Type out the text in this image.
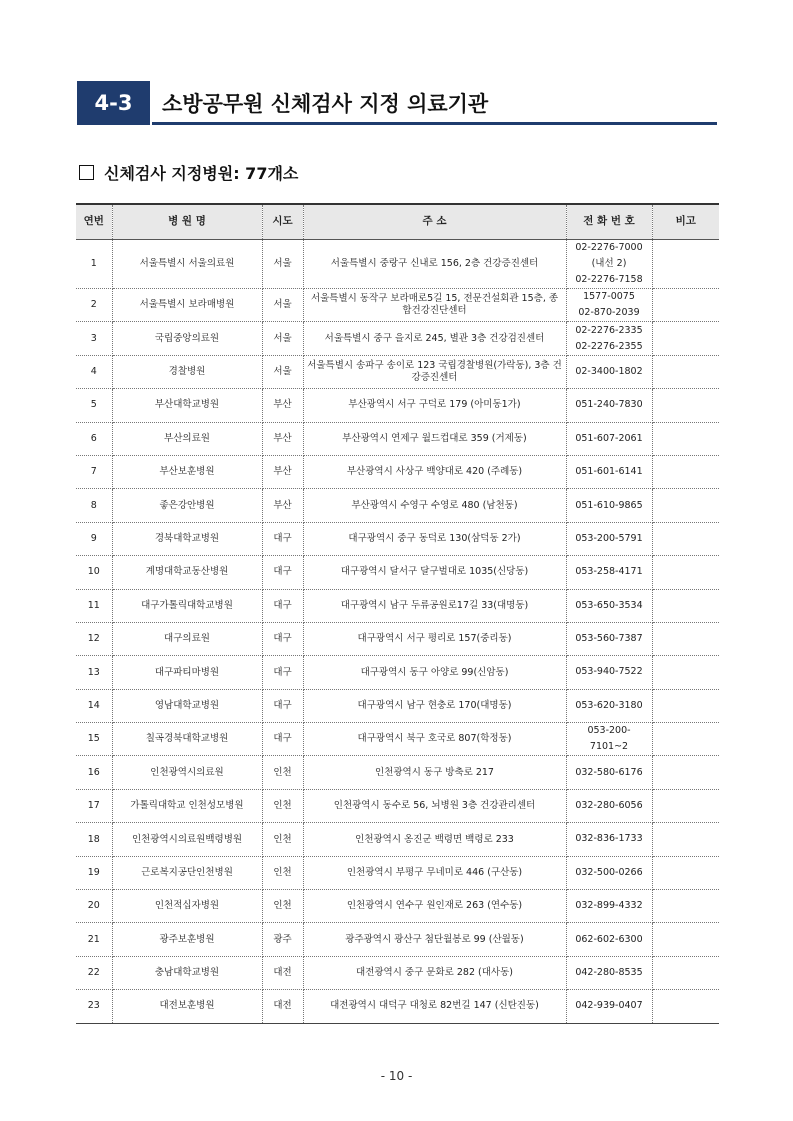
4-3	소방공무원 신체검사 지정 의료기관
신체검사 지정병원: 77개소
연번	병 원 명	시도	주 소	전 화 번 호	비고
1	서울특별시 서울의료원	서울	서울특별시 중랑구 신내로 156, 2층 건강증진센터	02-2276-7000
(내선 2)
02-2276-7158	

2	서울특별시 보라매병원	서울	서울특별시 동작구 보라매로5길 15, 전문건설회관 15층, 종합건강진단센터	1577-0075
02-870-2039	

3	국립중앙의료원	서울	서울특별시 중구 을지로 245, 별관 3층 건강검진센터	02-2276-2335
02-2276-2355	

4	경찰병원	서울	서울특별시 송파구 송이로 123 국립경찰병원(가락동), 3층 건강증진센터	02-3400-1802	

5	부산대학교병원	부산	부산광역시 서구 구덕로 179 (아미동1가)	051-240-7830	

6	부산의료원	부산	부산광역시 연제구 월드컵대로 359 (거제동)	051-607-2061	

7	부산보훈병원	부산	부산광역시 사상구 백양대로 420 (주례동)	051-601-6141	

8	좋은강안병원	부산	부산광역시 수영구 수영로 480 (남천동)	051-610-9865	

9	경북대학교병원	대구	대구광역시 중구 동덕로 130(삼덕동 2가)	053-200-5791	

10	계명대학교동산병원	대구	대구광역시 달서구 달구벌대로 1035(신당동)	053-258-4171	

11	대구가톨릭대학교병원	대구	대구광역시 남구 두류공원로17길 33(대명동)	053-650-3534	

12	대구의료원	대구	대구광역시 서구 평리로 157(중리동)	053-560-7387	

13	대구파티마병원	대구	대구광역시 동구 아양로 99(신암동)	053-940-7522	

14	영남대학교병원	대구	대구광역시 남구 현충로 170(대명동)	053-620-3180	

15	칠곡경북대학교병원	대구	대구광역시 북구 호국로 807(학정동)	053-200-7101~2	

16	인천광역시의료원	인천	인천광역시 동구 방축로 217	032-580-6176	

17	가톨릭대학교 인천성모병원	인천	인천광역시 동수로 56, 뇌병원 3층 건강관리센터	032-280-6056	

18	인천광역시의료원백령병원	인천	인천광역시 옹진군 백령면 백령로 233	032-836-1733	

19	근로복지공단인천병원	인천	인천광역시 부평구 무네미로 446 (구산동)	032-500-0266	

20	인천적십자병원	인천	인천광역시 연수구 원인재로 263 (연수동)	032-899-4332	

21	광주보훈병원	광주	광주광역시 광산구 첨단월봉로 99 (산월동)	062-602-6300	

22	충남대학교병원	대전	대전광역시 중구 문화로 282 (대사동)	042-280-8535	

23	대전보훈병원	대전	대전광역시 대덕구 대청로 82번길 147 (신탄진동)	042-939-0407	

- 10 -
